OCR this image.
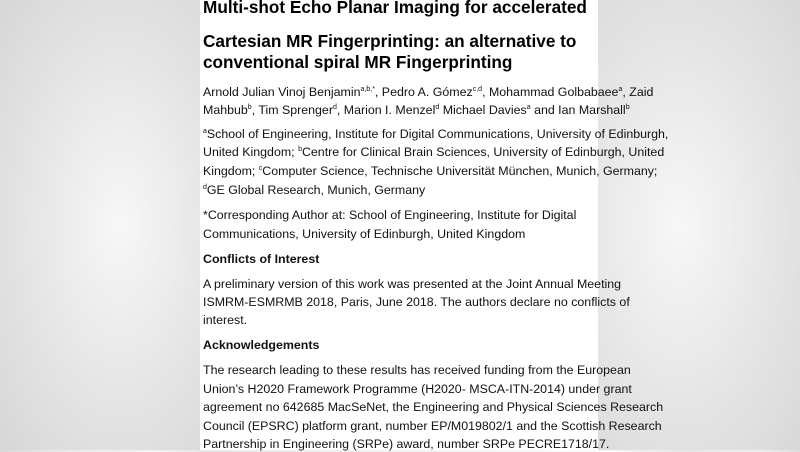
Multi-shot Echo Planar Imaging for accelerated
Cartesian MR Fingerprinting: an alternative to
conventional spiral MR Fingerprinting
Arnold Julian Vinoj Benjamin$^{a,b,*}$, Pedro A. Gómez$^{c,d}$, Mohammad Golbabaee$^a$, Zaid
Mahbub$^b$, Tim Sprenger$^d$, Marion I. Menzel$^d$ Michael Davies$^a$ and Ian Marshall$^b$
$^a$School of Engineering, Institute for Digital Communications, University of Edinburgh,
United Kingdom; $^b$Centre for Clinical Brain Sciences, University of Edinburgh, United
Kingdom; $^c$Computer Science, Technische Universität München, Munich, Germany;
$^d$GE Global Research, Munich, Germany
*Corresponding Author at: School of Engineering, Institute for Digital
Communications, University of Edinburgh, United Kingdom
Conflicts of Interest
A preliminary version of this work was presented at the Joint Annual Meeting
ISMRM-ESMRMB 2018, Paris, June 2018. The authors declare no conflicts of
interest.
Acknowledgements
The research leading to these results has received funding from the European
Union’s H2020 Framework Programme (H2020- MSCA-ITN-2014) under grant
agreement no 642685 MacSeNet, the Engineering and Physical Sciences Research
Council (EPSRC) platform grant, number EP/M019802/1 and the Scottish Research
Partnership in Engineering (SRPe) award, number SRPe PECRE1718/17.
